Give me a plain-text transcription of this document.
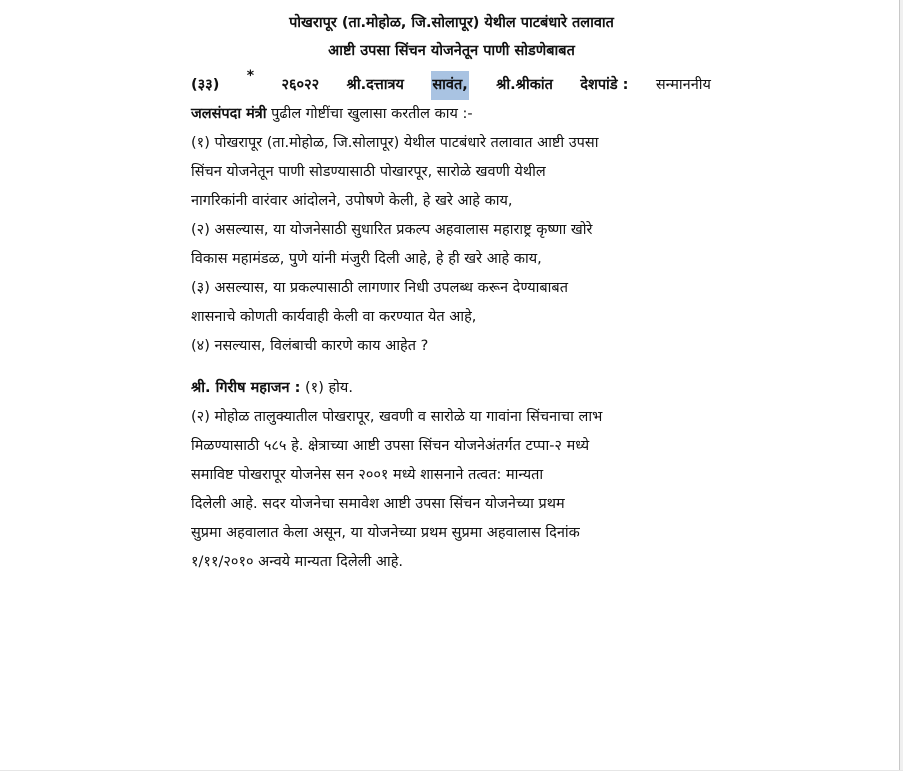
पोखरापूर (ता.मोहोळ, जि.सोलापूर) येथील पाटबंधारे तलावात
आष्टी उपसा सिंचन योजनेतून पाणी सोडणेबाबत
(३३)
*
२६०२२ श्री.दत्तात्रय सावंत, श्री.श्रीकांत देशपांडे : सन्माननीय
जलसंपदा मंत्री
पुढील गोष्टींचा खुलासा करतील काय :-
(१) पोखरापूर (ता.मोहोळ, जि.सोलापूर) येथील पाटबंधारे तलावात आष्टी उपसा
सिंचन योजनेतून पाणी सोडण्यासाठी पोखारपूर, सारोळे खवणी येथील
नागरिकांनी वारंवार आंदोलने, उपोषणे केली, हे खरे आहे काय,
(२) असल्यास, या योजनेसाठी सुधारित प्रकल्प अहवालास महाराष्ट्र कृष्णा खोरे
विकास महामंडळ, पुणे यांनी मंजुरी दिली आहे, हे ही खरे आहे काय,
(३) असल्यास, या प्रकल्पासाठी लागणार निधी उपलब्ध करून देण्याबाबत
शासनाचे कोणती कार्यवाही केली वा करण्यात येत आहे,
(४) नसल्यास, विलंबाची कारणे काय आहेत ?
श्री. गिरीष महाजन :
(१) होय.
(२) मोहोळ तालुक्यातील पोखरापूर, खवणी व सारोळे या गावांना सिंचनाचा लाभ
मिळण्यासाठी ५८५ हे. क्षेत्राच्या आष्टी उपसा सिंचन योजनेअंतर्गत टप्पा-२ मध्ये
समाविष्ट पोखरापूर योजनेस सन २००१ मध्ये शासनाने तत्वत: मान्यता
दिलेली आहे. सदर योजनेचा समावेश आष्टी उपसा सिंचन योजनेच्या प्रथम
सुप्रमा अहवालात केला असून, या योजनेच्या प्रथम सुप्रमा अहवालास दिनांक
१/११/२०१० अन्वये मान्यता दिलेली आहे.
